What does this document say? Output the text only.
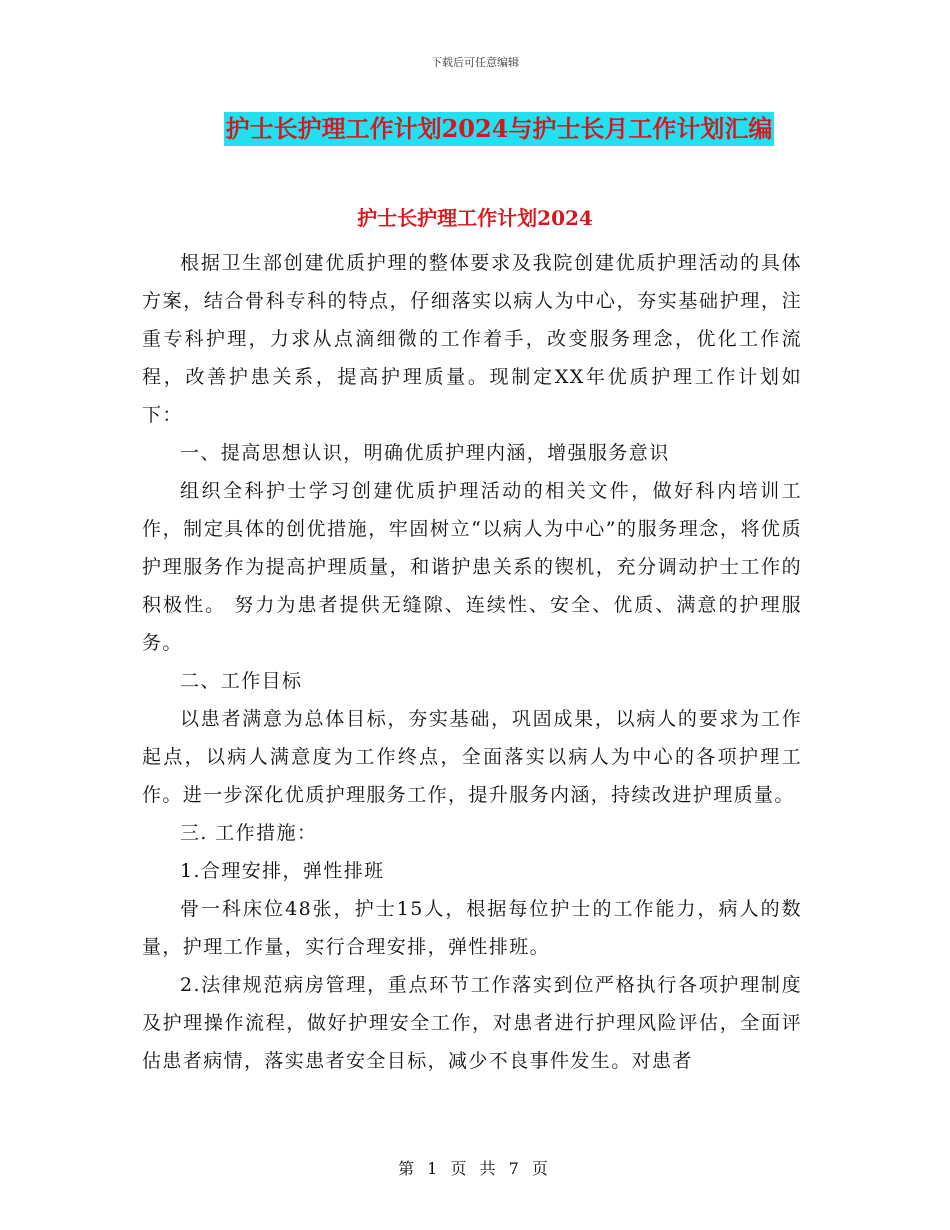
下载后可任意编辑
护士长护理工作计划2024与护士长月工作计划汇编
护士长护理工作计划2024

根据卫生部创建优质护理的整体要求及我院创建优质护理活动的具体方案，结合骨科专科的特点，仔细落实以病人为中心，夯实基础护理，注重专科护理，力求从点滴细微的工作着手，改变服务理念，优化工作流程，改善护患关系，提高护理质量。现制定XX年优质护理工作计划如下：

一、提高思想认识，明确优质护理内涵，增强服务意识

组织全科护士学习创建优质护理活动的相关文件，做好科内培训工作，制定具体的创优措施，牢固树立“以病人为中心”的服务理念，将优质护理服务作为提高护理质量，和谐护患关系的锲机，充分调动护士工作的积极性。 努力为患者提供无缝隙、连续性、安全、优质、满意的护理服务。

二、工作目标

以患者满意为总体目标，夯实基础，巩固成果，以病人的要求为工作起点，以病人满意度为工作终点，全面落实以病人为中心的各项护理工作。进一步深化优质护理服务工作，提升服务内涵，持续改进护理质量。

三. 工作措施：

1.合理安排，弹性排班

骨一科床位48张，护士15人，根据每位护士的工作能力，病人的数量，护理工作量，实行合理安排，弹性排班。

2.法律规范病房管理，重点环节工作落实到位严格执行各项护理制度及护理操作流程，做好护理安全工作，对患者进行护理风险评估，全面评估患者病情，落实患者安全目标，减少不良事件发生。对患者

第 1 页 共 7 页
